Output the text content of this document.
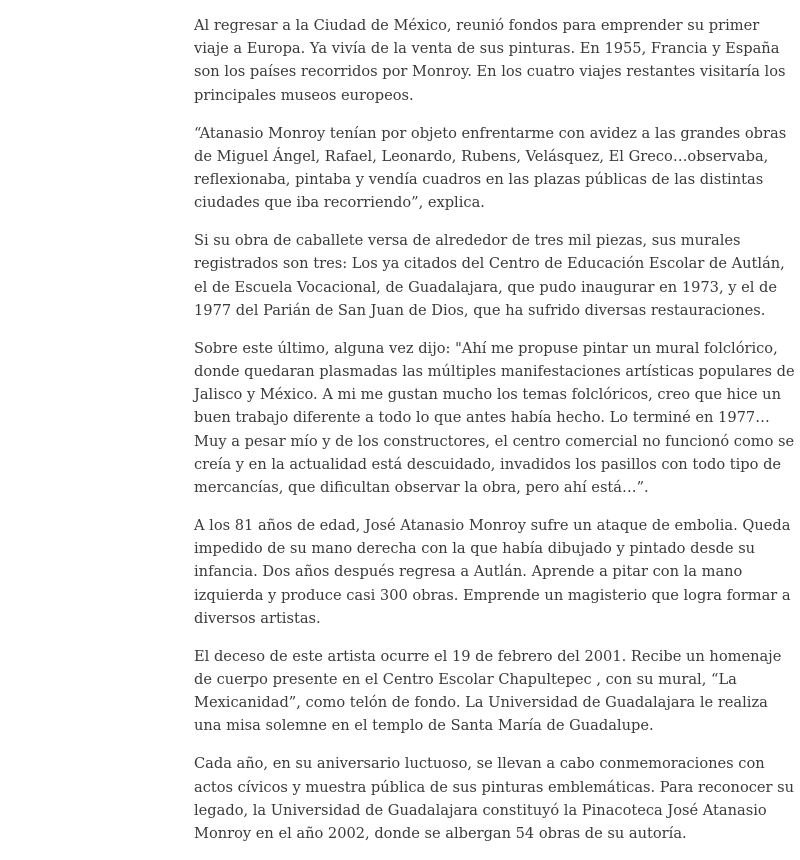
Al regresar a la Ciudad de México, reunió fondos para emprender su primer viaje a Europa. Ya vivía de la venta de sus pinturas. En 1955, Francia y España son los países recorridos por Monroy. En los cuatro viajes restantes visitaría los principales museos europeos.

“Atanasio Monroy tenían por objeto enfrentarme con avidez a las grandes obras de Miguel Ángel, Rafael, Leonardo, Rubens, Velásquez, El Greco…observaba, reflexionaba, pintaba y vendía cuadros en las plazas públicas de las distintas ciudades que iba recorriendo”, explica.

Si su obra de caballete versa de alrededor de tres mil piezas, sus murales registrados son tres: Los ya citados del Centro de Educación Escolar de Autlán, el de Escuela Vocacional, de Guadalajara, que pudo inaugurar en 1973, y el de 1977 del Parián de San Juan de Dios, que ha sufrido diversas restauraciones.

Sobre este último, alguna vez dijo: "Ahí me propuse pintar un mural folclórico, donde quedaran plasmadas las múltiples manifestaciones artísticas populares de Jalisco y México. A mi me gustan mucho los temas folclóricos, creo que hice un buen trabajo diferente a todo lo que antes había hecho. Lo terminé en 1977… Muy a pesar mío y de los constructores, el centro comercial no funcionó como se creía y en la actualidad está descuidado, invadidos los pasillos con todo tipo de mercancías, que dificultan observar la obra, pero ahí está…”.

A los 81 años de edad, José Atanasio Monroy sufre un ataque de embolia. Queda impedido de su mano derecha con la que había dibujado y pintado desde su infancia. Dos años después regresa a Autlán. Aprende a pitar con la mano izquierda y produce casi 300 obras. Emprende un magisterio que logra formar a diversos artistas.

El deceso de este artista ocurre el 19 de febrero del 2001. Recibe un homenaje de cuerpo presente en el Centro Escolar Chapultepec , con su mural, “La Mexicanidad”, como telón de fondo. La Universidad de Guadalajara le realiza una misa solemne en el templo de Santa María de Guadalupe.

Cada año, en su aniversario luctuoso, se llevan a cabo conmemoraciones con actos cívicos y muestra pública de sus pinturas emblemáticas. Para reconocer su legado, la Universidad de Guadalajara constituyó la Pinacoteca José Atanasio Monroy en el año 2002, donde se albergan 54 obras de su autoría.
